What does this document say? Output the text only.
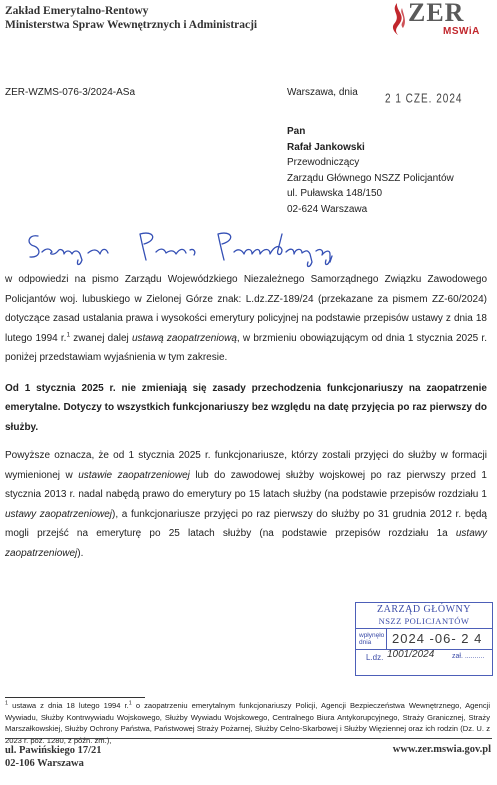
Zakład Emerytalno-Rentowy
Ministerstwa Spraw Wewnętrznych i Administracji	ZER
MSWiA
ZER-WZMS-076-3/2024-ASa	Warszawa, dnia
2 1 CZE. 2024
Pan
Rafał Jankowski
Przewodniczący
Zarządu Głównego NSZZ Policjantów
ul. Puławska 148/150
02-624 Warszawa

w odpowiedzi na pismo Zarządu Wojewódzkiego Niezależnego Samorządnego Związku Zawodowego Policjantów woj. lubuskiego w Zielonej Górze znak: L.dz.ZZ-189/24 (przekazane za pismem ZZ-60/2024) dotyczące zasad ustalania prawa i wysokości emerytury policyjnej na podstawie przepisów ustawy z dnia 18 lutego 1994 r.$^1$ zwanej dalej ustawą zaopatrzeniową, w brzmieniu obowiązującym od dnia 1 stycznia 2025 r. poniżej przedstawiam wyjaśnienia w tym zakresie.

Od 1 stycznia 2025 r. nie zmieniają się zasady przechodzenia funkcjonariuszy na zaopatrzenie emerytalne. Dotyczy to wszystkich funkcjonariuszy bez względu na datę przyjęcia po raz pierwszy do służby.

Powyższe oznacza, że od 1 stycznia 2025 r. funkcjonariusze, którzy zostali przyjęci do służby w formacji wymienionej w ustawie zaopatrzeniowej lub do zawodowej służby wojskowej po raz pierwszy przed 1 stycznia 2013 r. nadal nabędą prawo do emerytury po 15 latach służby (na podstawie przepisów rozdziału 1 ustawy zaopatrzeniowej), a funkcjonariusze przyjęci po raz pierwszy do służby po 31 grudnia 2012 r. będą mogli przejść na emeryturę po 25 latach służby (na podstawie przepisów rozdziału 1a ustawy zaopatrzeniowej).

ZARZĄD GŁÓWNY
NSZZ POLICJANTÓW
wpłynęło dnia	2024 -06- 2 4
L.dz. 1001/2024	zał. ..........
$^1$ ustawa z dnia 18 lutego 1994 r.$^1$ o zaopatrzeniu emerytalnym funkcjonariuszy Policji, Agencji Bezpieczeństwa Wewnętrznego, Agencji Wywiadu, Służby Kontrwywiadu Wojskowego, Służby Wywiadu Wojskowego, Centralnego Biura Antykorupcyjnego, Straży Granicznej, Straży Marszałkowskiej, Służby Ochrony Państwa, Państwowej Straży Pożarnej, Służby Celno-Skarbowej i Służby Więziennej oraz ich rodzin (Dz. U. z 2023 r. poz. 1280, z późn. zm.),
ul. Pawińskiego 17/21
02-106 Warszawa
www.zer.mswia.gov.pl
